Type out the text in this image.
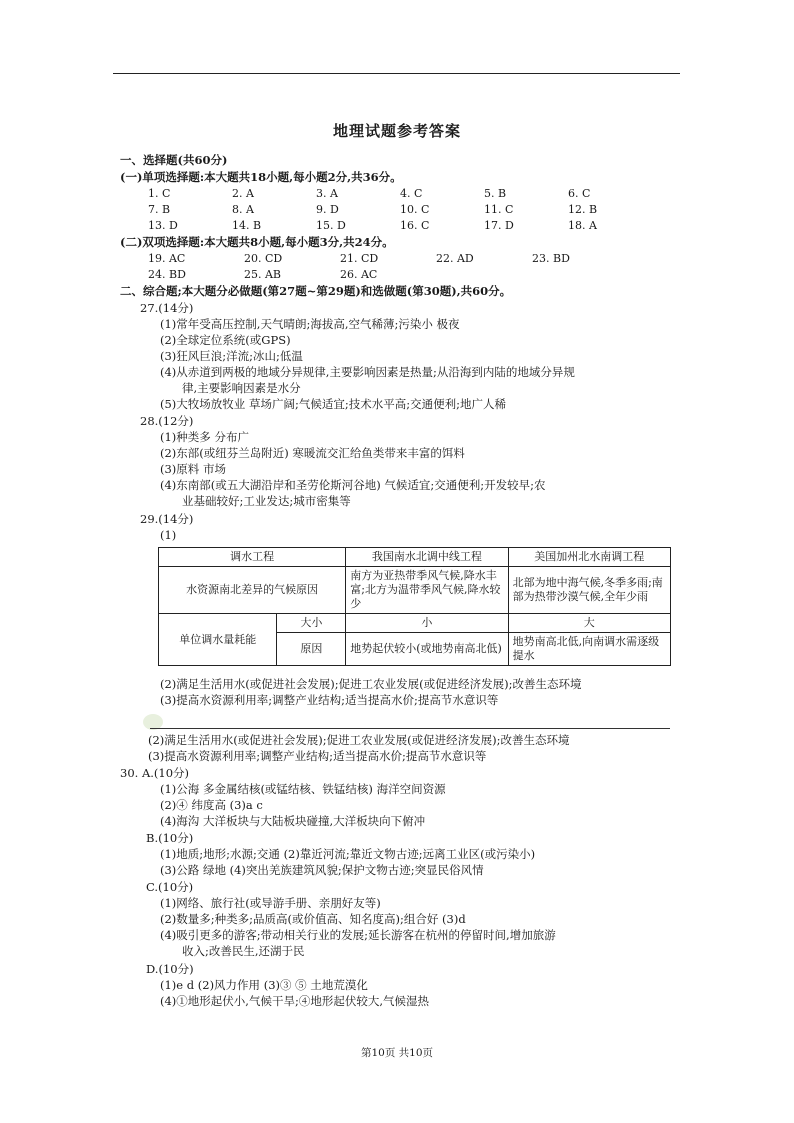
地理试题参考答案
一、选择题(共60分)
(一)单项选择题:本大题共18小题,每小题2分,共36分。
1. C	2. A	3. A	4. C	5. B	6. C
7. B	8. A	9. D	10. C	11. C	12. B
13. D	14. B	15. D	16. C	17. D	18. A
(二)双项选择题:本大题共8小题,每小题3分,共24分。
19. AC	20. CD	21. CD	22. AD	23. BD
24. BD	25. AB	26. AC
二、综合题;本大题分必做题(第27题~第29题)和选做题(第30题),共60分。
27.(14分)
(1)常年受高压控制,天气晴朗;海拔高,空气稀薄;污染小 极夜
(2)全球定位系统(或GPS)
(3)狂风巨浪;洋流;冰山;低温
(4)从赤道到两极的地域分异规律,主要影响因素是热量;从沿海到内陆的地域分异规
律,主要影响因素是水分
(5)大牧场放牧业 草场广阔;气候适宜;技术水平高;交通便利;地广人稀
28.(12分)
(1)种类多 分布广
(2)东部(或纽芬兰岛附近) 寒暖流交汇给鱼类带来丰富的饵料
(3)原料 市场
(4)东南部(或五大湖沿岸和圣劳伦斯河谷地) 气候适宜;交通便利;开发较早;农
业基础较好;工业发达;城市密集等
29.(14分)
(1)
调水工程		我国南水北调中线工程	美国加州北水南调工程
水资源南北差异的气候原因		南方为亚热带季风气候,降水丰富;北方为温带季风气候,降水较少	北部为地中海气候,冬季多雨;南部为热带沙漠气候,全年少雨
单位调水量耗能	大小	小	大
	原因	地势起伏较小(或地势南高北低)	地势南高北低,向南调水需逐级提水
(2)满足生活用水(或促进社会发展);促进工农业发展(或促进经济发展);改善生态环境
(3)提高水资源利用率;调整产业结构;适当提高水价;提高节水意识等
(2)满足生活用水(或促进社会发展);促进工农业发展(或促进经济发展);改善生态环境
(3)提高水资源利用率;调整产业结构;适当提高水价;提高节水意识等
30. A.(10分)
(1)公海 多金属结核(或锰结核、铁锰结核) 海洋空间资源
(2)④ 纬度高 (3)a c
(4)海沟 大洋板块与大陆板块碰撞,大洋板块向下俯冲
B.(10分)
(1)地质;地形;水源;交通 (2)靠近河流;靠近文物古迹;远离工业区(或污染小)
(3)公路 绿地 (4)突出羌族建筑风貌;保护文物古迹;突显民俗风情
C.(10分)
(1)网络、旅行社(或导游手册、亲朋好友等)
(2)数量多;种类多;品质高(或价值高、知名度高);组合好 (3)d
(4)吸引更多的游客;带动相关行业的发展;延长游客在杭州的停留时间,增加旅游
收入;改善民生,还湖于民
D.(10分)
(1)e d (2)风力作用 (3)③ ⑤ 土地荒漠化
(4)①地形起伏小,气候干旱;④地形起伏较大,气候湿热
第10页 共10页
